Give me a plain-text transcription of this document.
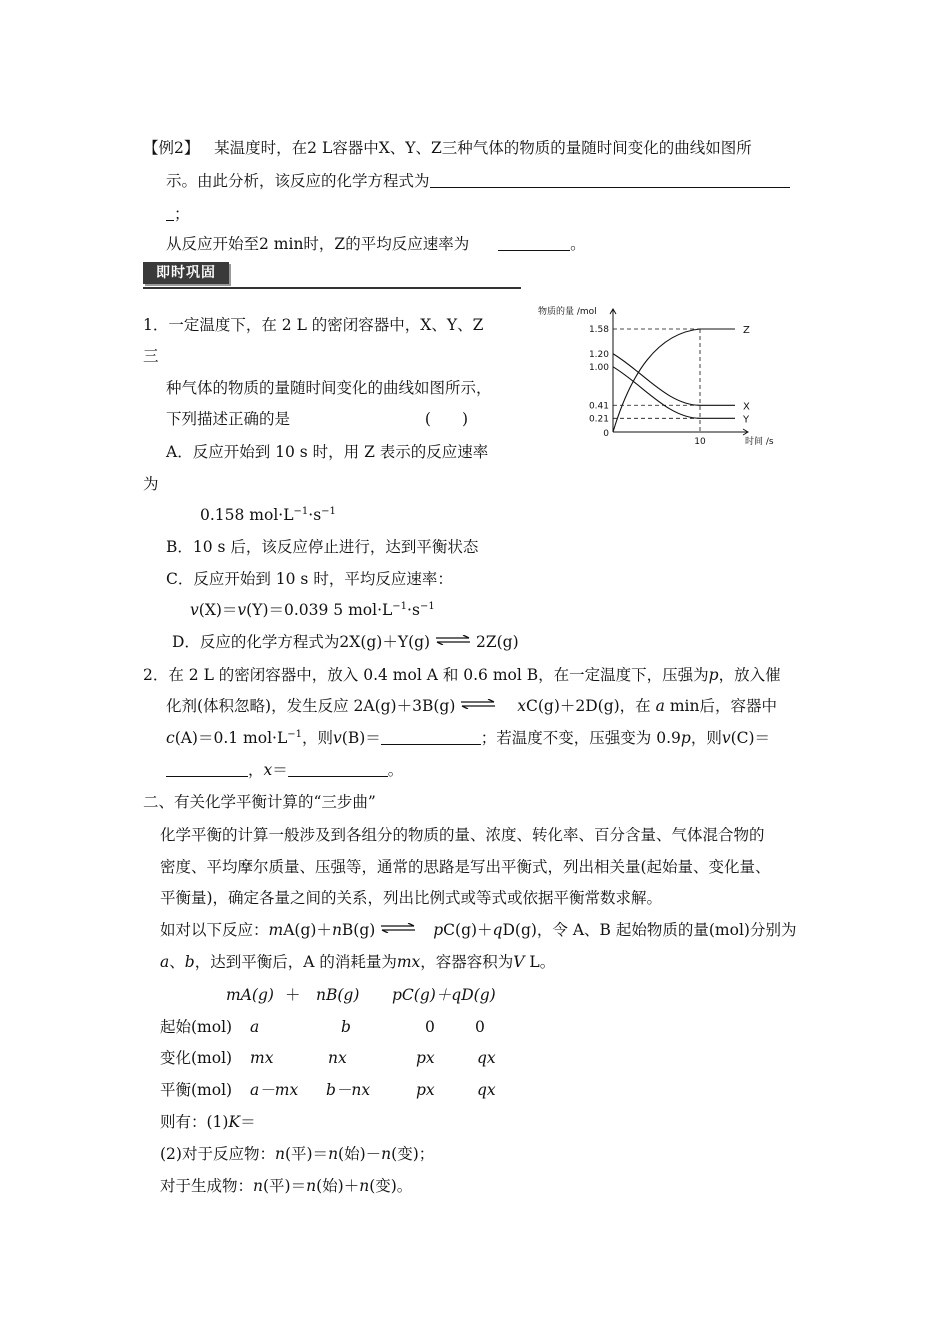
【例2】 某温度时，在2 L容器中X、Y、Z三种气体的物质的量随时间变化的曲线如图所
示。由此分析，该反应的化学方程式为
；
从反应开始至2 min时，Z的平均反应速率为	。
即时巩固
1．一定温度下，在 2 L 的密闭容器中，X、Y、Z
三
种气体的物质的量随时间变化的曲线如图所示，
下列描述正确的是	(　　)
A．反应开始到 10 s 时，用 Z 表示的反应速率
为
0.158 $mol\cdot L^{-1}\cdot s^{-1}$
B．10 s 后，该反应停止进行，达到平衡状态
C．反应开始到 10 s 时，平均反应速率：
v(X)＝v(Y)＝0.039 5 $mol\cdot L^{-1}\cdot s^{-1}$
D．反应的化学方程式为2X(g)＋Y(g) ⇌ 2Z(g)
物质的量 /mol
时间 /s
0
0.21
0.41
1.00
1.20
1.58
10
Z
X
Y
2．在 2 L 的密闭容器中，放入 0.4 mol A 和 0.6 mol B，在一定温度下，压强为p，放入催
化剂(体积忽略)，发生反应 2A(g)＋3B(g) ⇌ xC(g)＋2D(g)，在 a min后，容器中
c(A)＝0.1 $mol\cdot L^{-1}$，则v(B)＝	；若温度不变，压强变为 0.9p，则v(C)＝
，x＝	。
二、有关化学平衡计算的“三步曲”
化学平衡的计算一般涉及到各组分的物质的量、浓度、转化率、百分含量、气体混合物的
密度、平均摩尔质量、压强等，通常的思路是写出平衡式，列出相关量(起始量、变化量、
平衡量)，确定各量之间的关系，列出比例式或等式或依据平衡常数求解。
如对以下反应：mA(g)＋nB(g) ⇌ pC(g)＋qD(g)，令 A、B 起始物质的量(mol)分别为
a、b，达到平衡后，A 的消耗量为mx，容器容积为V L。
mA(g) ＋ nB(g) pC(g)＋qD(g)
起始(mol) a	b	0	0
变化(mol) mx	nx	px	qx
平衡(mol) a－mx b－nx	px	qx
则有：(1)K＝
(2)对于反应物：n(平)＝n(始)－n(变)；
对于生成物：n(平)＝n(始)＋n(变)。
